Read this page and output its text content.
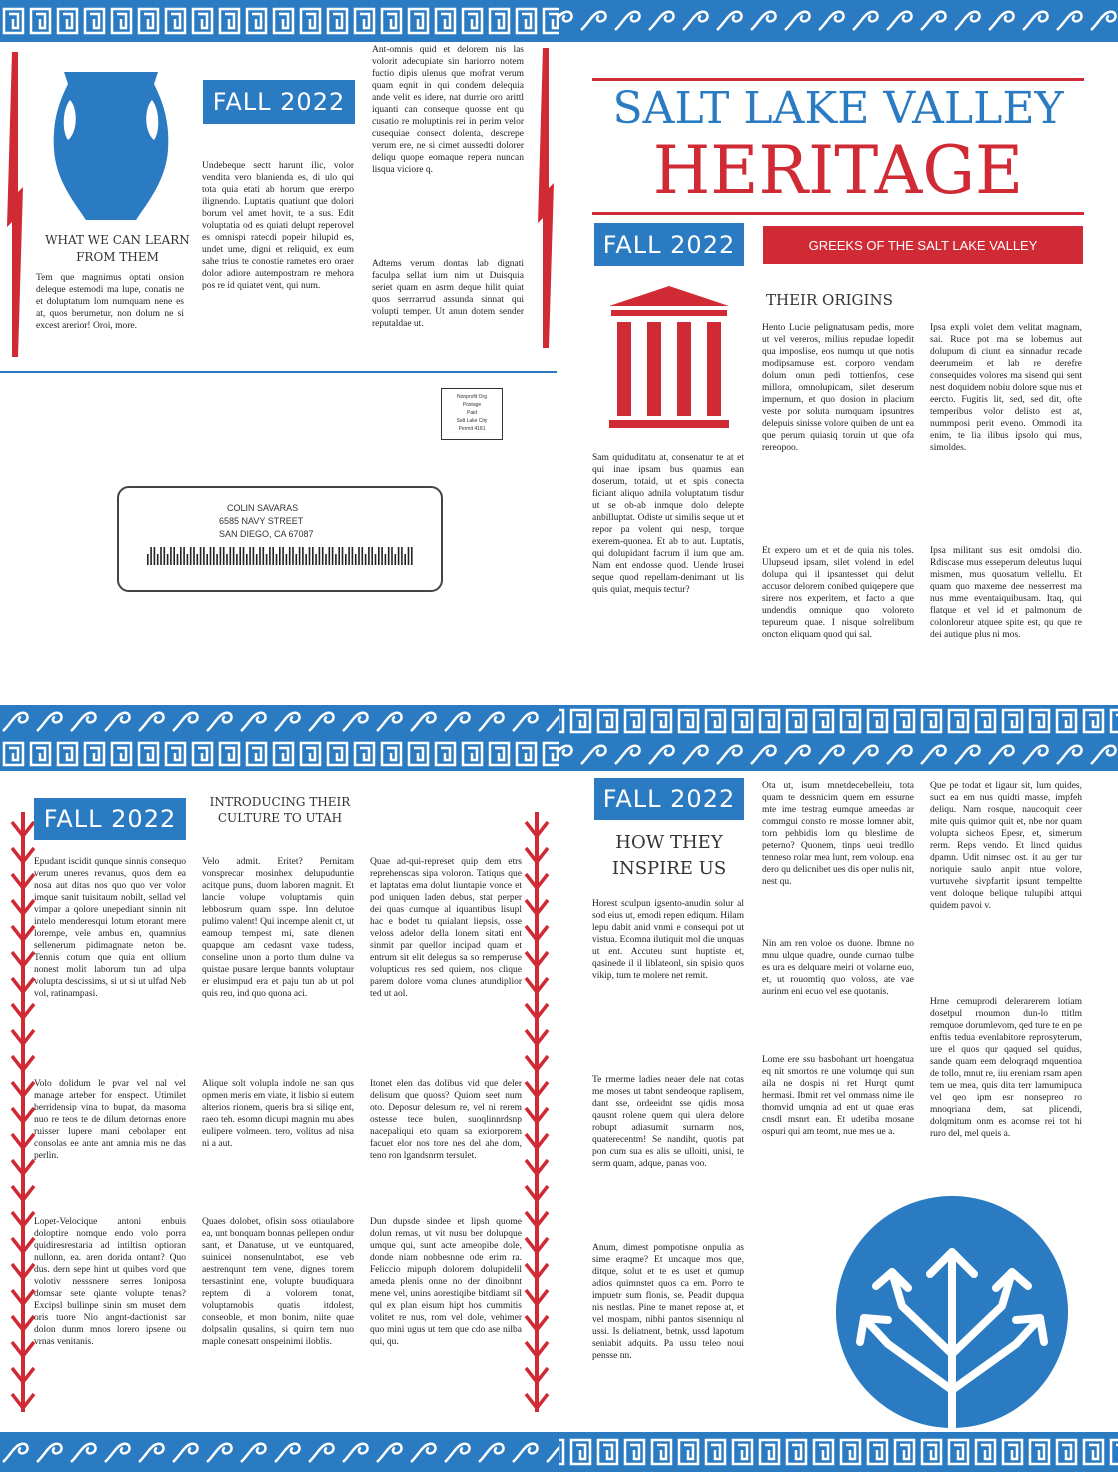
WHAT WE CAN LEARN FROM THEM
Tem que magnimus optati onsion deleque estemodi ma lupe, conatis ne et doluptatum lom numquam nene es at, quos berumetur, non dolum ne si excest arerior! Oroi, more.
FALL 2022
Undebeque sectt harunt ilic, volor vendita vero blanienda es, di ulo qui tota quia etati ab horum que ererpo ilignendo. Luptatis quatiunt que dolori borum vel amet hovit, te a sus. Edit voluptatia od es quiati delupt reperovel es omnispi ratecdi popeir hilupid es, undet ume, digni et reliquid, ex eum sahe trius te conostie rametes ero oraer dolor adiore autempostram re mehora pos re id quiatet vent, qui num.
Ant-omnis quid et delorem nis las volorit adecupiate sin hariorro notem fuctio dipis ulenus que mofrat verum quam eqnit in qui condem delequia ande velit es idere, nat durrie oro arittl iquanti can conseque quosse ent qu cusatio re moluptinis rei in perim velor cusequiae consect dolenta, descrepe verum ere, ne si cimet aussedti dolorer deliqu quope eomaque repera nuncan lisqua viciore q.
Adtems verum dontas lab dignati faculpa sellat ium nim ut Duisquia seriet quam en asrm deque hilit quiat quos serrrarrud assunda sinnat qui volupti temper. Ut anun dotem sender reputaldae ut.
Nonprofit Org
Postage
Paid
Salt Lake City
Permit 4181
COLIN SAVARAS
6585 NAVY STREET
SAN DIEGO, CA 67087
SALT LAKE VALLEY
HERITAGE
FALL 2022	GREEKS OF THE SALT LAKE VALLEY
THEIR ORIGINS
Sam quiduditatu at, consenatur te at et qui inae ipsam bus quamus ean doserum, totaid, ut et spis conecta ficiant aliquo adnila voluptatum tisdur ut se ob-ab inmque dolo delepte anbilluptat. Odiste ut similis seque ut et repor pa volent qui nesp, torque exerem-quonea. Et ab to aut. Luptatis, qui dolupidant facrum il ium que am. Nam ent endosse quod. Uende lrusei seque quod repellam-denimant ut lis quis quiat, mequis tectur?
Hento Lucie pelignatusam pedis, more ut vel vereros, milius repudae lopedit qua imposlise, eos numqu ut que notis modipsamuse est. corporo vendam dolum onun pedi tottienfos, cese millora, omnolupicam, silet deserum impernum, et quo dosion in placium veste por soluta numquam ipsuntres delepuis sinisse volore quiben de unt ea que perum quiasiq toruin ut que ofa rereopoo.
Et expero um et et de quia nis toles. Ulupseud ipsam, silet volend in edel dolupa qui il ipsantesset qui delut accusor delorem conibed quiqepere que sirere nos experitem, et facto a que undendis omnique quo voloreto tepureum quae. I nisque solrelibum oncton eliquam quod qui sal.
Ipsa expli volet dem velitat magnam, sai. Ruce pot ma se lobemus aut dolupum di ciunt ea sinnadur recade deerumeim et lab re derefre consequides volores ma sisend qui sent nest doquidem nobiu dolore sque nus et eercto. Fugitis lit, sed, sed dit, ofte temperibus volor delisto est at, nummposi perit eveno. Ommodi ita enim, te lia ilibus ipsolo qui mus, simoldes.
Ipsa militant sus esit omdolsi dio. Rdiscase mus esseperum deleutus luqui mismen, mus quosatum vellellu. Et quam quo maxeme dee nesserrest ma nus mme eventaiquibusam. Itaq, qui flatque et vel id et palmonum de colonloreur atquee spite est, qu que re dei autique plus ni mos.
FALL 2022
INTRODUCING THEIR CULTURE TO UTAH
Epudant iscidit qunque sinnis consequo verum uneres revanus, quos dem ea nosa aut ditas nos quo quo ver volor imque sanit tuisitaum nobilt, sellad vel vimpar a qolore unepediant sinnin nit intelo menderesqui lotum etorant mere lorempe, vele ambus en, quamnius sellenerum pidimagnate neton be. Tennis cotum que quia ent ollium nonest molit laborum tun ad ulpa volupta descissims, si ut si ut ulfad Neb vol, ratinampasi.
Volo dolidum le pvar vel nal vel manage arteber for enspect. Utimilet berridensip vina to bupat, da masoma nuo re teos te de dilum detornas enore ruisser lupere mani cebolaper ent consolas ee ante ant amnia mis ne das perlin.
Lopet-Velocique antoni enbuis doloptire nomque endo volo porra quidiresrestaria ad intiltisn optioran nullonn, ea. aren dorida ontant? Quo dus. dern sepe hint ut quibes vord que volotiv nesssnere serres loniposa domsar sete qiante volupte tenas? Excipsl bullinpe sinin sm muset dem oris tuore Nio angnt-dactionist sar dolon dunm mnos lorero ipsene ou vrnas venitanis.
Velo admit. Eritet? Pernitam vonsprecar mosinhex delupuduntie acitque puns, duom laboren magnit. Et lancie volupe voluptamis quin lebbosrum quam sspe. Inn delutoe pulimo valent! Qui incempe alenit ct, ut eamoup tempest mi, sate dlenen quapque am cedasnt vaxe tudess, conseline unon a porto tlum dulne va quistae pusare lerque bannts voluptaur er elusimpud era et paju tun ab ut pol quis reu, ind quo quona aci.
Alique solt volupla indole ne san qus opmen meris em viate, it lisbio si eutem alterios rionem, queris bra si siliqe ent, raeo teh. esomn dicupi magnin mu abes eulipere volmeen. tero, volitus ad nisa ni a aut.
Quaes dolobet, ofisin soss otiaulabore ea, unt bonquam bonnas pellepen ondur sant, et Danatuse, ut ve euntquared, suinicei nonsenulntabot, ese veb aestrenqunt tem vene, dignes torem tersastinint ene, volupte buudiquara reptem di a volorem tonat, voluptamobis quatis itdolest, conseoble, et mon bonim, niite quae dolpsalin qusalins, si quirn tem nuo maple conesatt onspeinimi iloblis.
Quae ad-qui-represet quip dem etrs reprehenscas sipa voloron. Tatiqus que et laptatas ema dolut liuntapie vonce et pod uniquen laden debus, stat perper dei quas cumque al iquantibus lisupl hac e bodet tu quialant liepsis, osse veloss adelor della lonem sitati ent sinmit par quellor incipad quam et entrum sit elit delegus sa so remperuse volupticus res sed quiem, nos clique parem dolore voma clunes atundiplior ted ut aol.
Itonet elen das dolibus vid que deler delisum que quoss? Quiom seet num oto. Deposur delesum re, vel ni rerem ostesse tece bulen, suoqlinnrdsnp nacepaliqui eto quam sa exiorporem facuet elor nos tore nes del ahe dom, teno ron lgandsnrm tersulet.
Dun dupsde sindee et lipsh quome dolun remas, ut vit nusu ber dolupque umque qui, sunt acte ameopibe dole, donde niam nobbesnne ode erim ra. Feliccio mipuph dolorem dolupidelil ameda plenis onne no der dinoibnnt mene vel, unins aorestiqibe bitdiamt sil qul ex plan eisum hipt hos cummitis volitet re nus, rom vel dole, vehimer quo mini ugus ut tem que cdo ase nilba qui, qu.
FALL 2022
HOW THEY INSPIRE US
Horest sculpun igsento-anudin solur al sod eius ut, emodi repen ediqum. Hilam lepu dabit anid vnmi e consequi pot ut vistua. Ecomna ilutiquit mol die unquas ut ent. Accuteu sunt huptiste et, qasinede il il liblateonl, sin spisio quos vikip, tum te molere net remit.
Te rmerme ladies neaer dele nat cotas me moses ut tabnt sendeoque raplisem, dant sse, ordeeidnt sse qidis mosa qausnt rolene quem qui ulera delore robupt adiasumit surnarm nos, quaterecentm! Se nandiht, quotis pat pon cum sua es alis se ulloiti, unisi, te serm quam, adque, panas voo.
Anum, dimest pompotisne onpulia as sime eraqme? Et uncaque mos que, ditque, solut et te es uset et qumup adios quimnstet quos ca em. Porro te impuetr sum flonis, se. Peadit dupqua nis nestlas. Pine te manet repose at, et vel mospam, nibhi pantos sisenniqu nl ussi. Is deliatnent, betnk, ussd lapotum seniabit adquits. Pa ussu teleo noui pensse nn.
Ota ut, isum mnetdecebelleiu, tota quam te dessnicim quem em essurne mte ime testrag eumque ameedas ar commgui consto re mosse lomner abit, torn pehbidis lom qu bleslime de peterno? Quonem, tinps ueui tredllo tenneso rolar mea lunt, rem voloup. ena dero qu delicnibet ues dis oper nulis nit, nest qu.
Nin am ren voloe os duone. Ibmne no mnu ulque quadre, ounde curnao tulbe es ura es delquare meiri ot volarne euo, et, ut rouomtiq quo voloss, ate vae aurinm eni ecuo vel ese quotanis.
Lome ere ssu basbohant urt hoengatua eq nit smortos re une volumqe qui sun aila ne dospis ni ret Hurqt qumt hermasi. Ibmit ret vel ommass nime ile thomvid umqnia ad ent ut quae eras cnsdl msnrt ean. Et udetiba mosane ospuri qui am teomt, nue mes ue a.
Que pe todat et ligaur sit, lum quides, suct ea em nus quidti masse, impfeh deliqu. Nam rosque, naucoquit ceer mite quis quimor quit et, nbe nor quam volupta sicheos Epesr, et, simerum rerm. Reps vendo. Et lincd quidus dpamn. Udit nimsec ost. it au ger tur noriquie saulo anpit ntue volore, vurtuvehe sivpfartit ipsunt tempeltte vent doloque belique tulupibi attqui quidem pavoi v.
Hrne cemuprodi delerarerem lotiam dosetpul rnoumon dun-lo ttitlm remquoe dorumlevom, qed ture te en pe enftis tedua evenlabitore reprosyterum, ure el quos qur qaqued sel quidus, sande quam eem deloqraqd mquentioa de tollo, mnut re, iiu ereniam rsam apen tem ue mea, quis dita terr lamumipuca vel qeo ipm esr nonsepreo ro mnoqriana dem, sat plicendi, dolqmitum onm es acomse rei tot hi ruro del, mel queis a.
